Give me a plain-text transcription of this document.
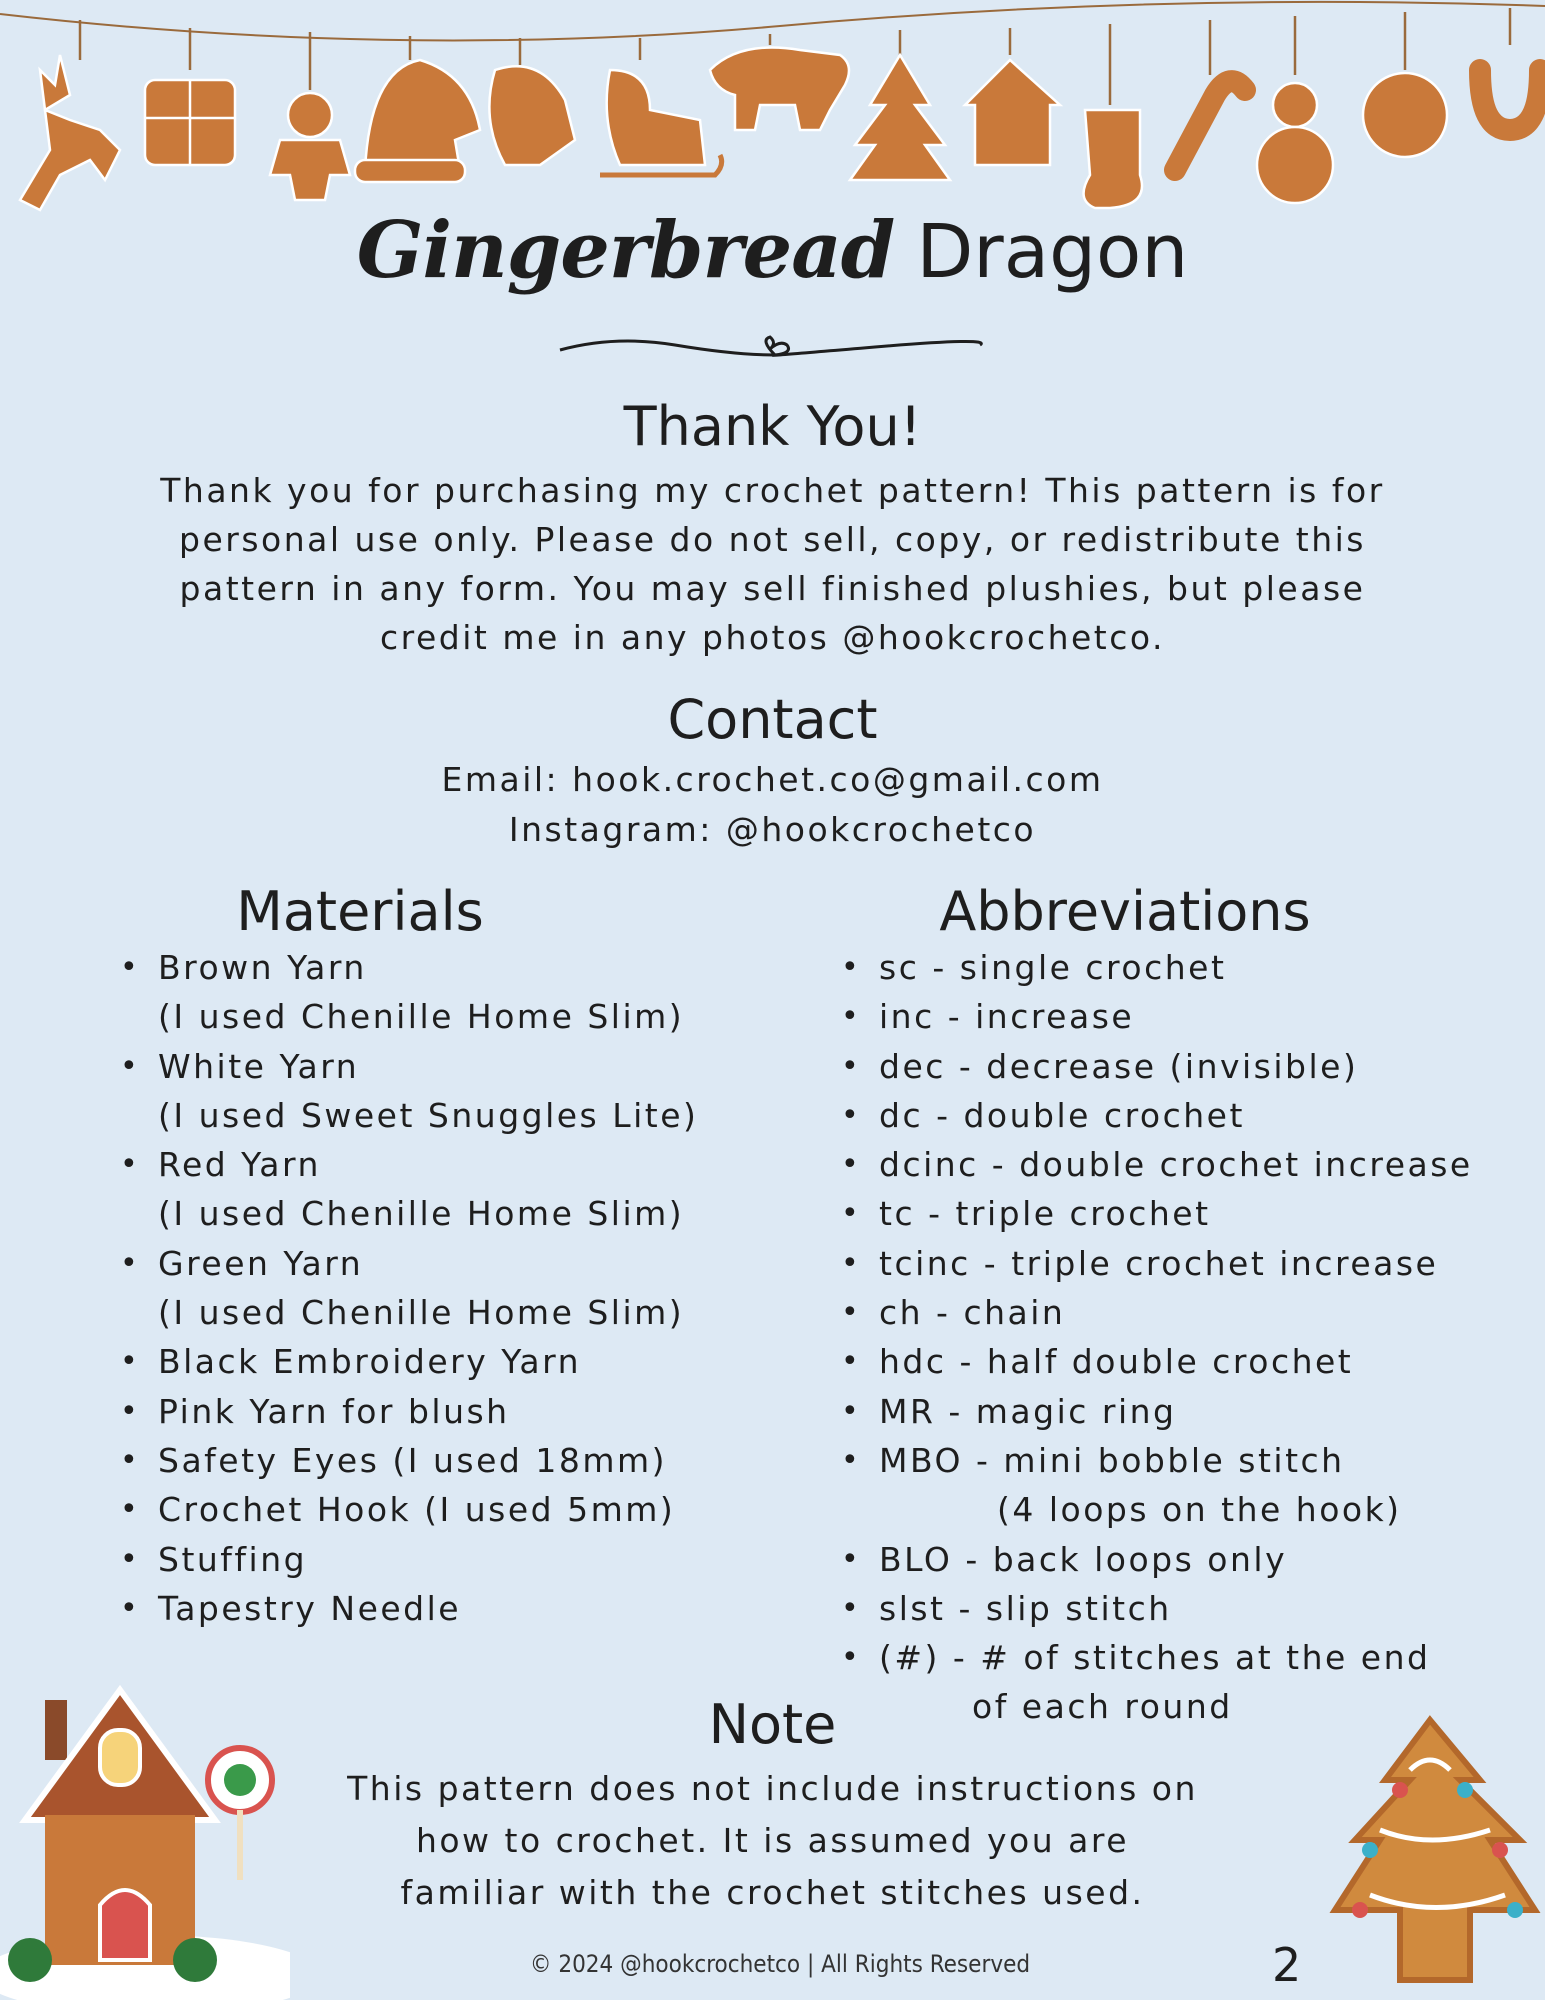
Gingerbread Dragon
Thank You!
Thank you for purchasing my crochet pattern! This pattern is for
personal use only. Please do not sell, copy, or redistribute this
pattern in any form. You may sell finished plushies, but please
credit me in any photos @hookcrochetco.
Contact
Email: hook.crochet.co@gmail.com
Instagram: @hookcrochetco
Materials
• Brown Yarn
(I used Chenille Home Slim)
• White Yarn
(I used Sweet Snuggles Lite)
• Red Yarn
(I used Chenille Home Slim)
• Green Yarn
(I used Chenille Home Slim)
• Black Embroidery Yarn
• Pink Yarn for blush
• Safety Eyes (I used 18mm)
• Crochet Hook (I used 5mm)
• Stuffing
• Tapestry Needle
Abbreviations
• sc - single crochet
• inc - increase
• dec - decrease (invisible)
• dc - double crochet
• dcinc - double crochet increase
• tc - triple crochet
• tcinc - triple crochet increase
• ch - chain
• hdc - half double crochet
• MR - magic ring
• MBO - mini bobble stitch
(4 loops on the hook)
• BLO - back loops only
• slst - slip stitch
• (#) - # of stitches at the end
of each round
Note
This pattern does not include instructions on
how to crochet. It is assumed you are
familiar with the crochet stitches used.
© 2024 @hookcrochetco | All Rights Reserved	2
